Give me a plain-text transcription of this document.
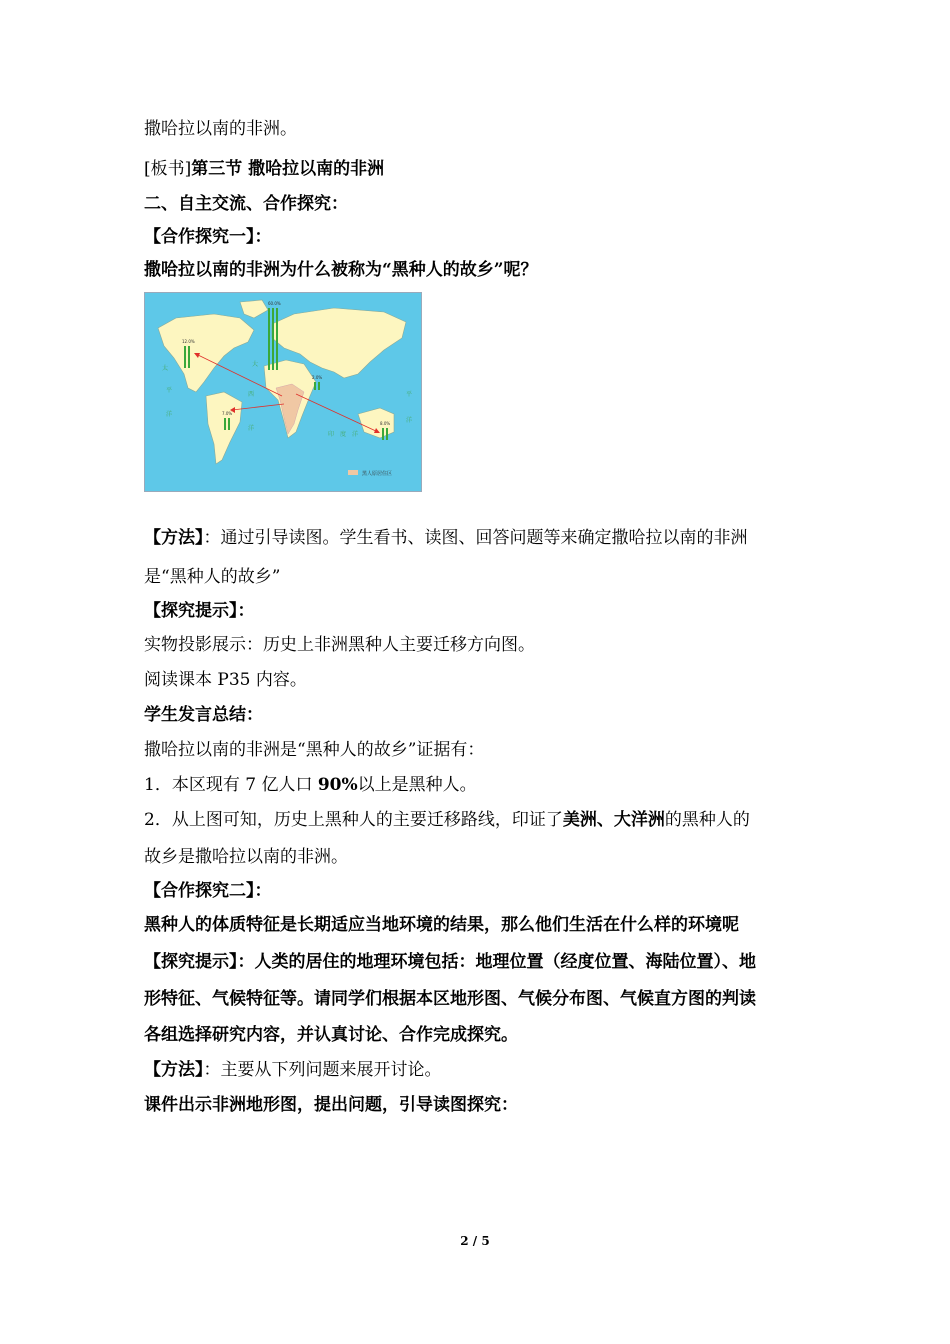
撒哈拉以南的非洲。
[板书]第三节 撒哈拉以南的非洲
二、自主交流、合作探究：
【合作探究一】：
撒哈拉以南的非洲为什么被称为“黑种人的故乡”呢？
60.0%
12.0%
7.0%
2.0%
8.0%
太
平
洋
大
西
洋
印 度 洋
平
洋
黑人原居住区
【方法】：通过引导读图。学生看书、读图、回答问题等来确定撒哈拉以南的非洲
是“黑种人的故乡”
【探究提示】：
实物投影展示：历史上非洲黑种人主要迁移方向图。
阅读课本 P35 内容。
学生发言总结：
撒哈拉以南的非洲是“黑种人的故乡”证据有：
1．本区现有 7 亿人口 90%以上是黑种人。
2．从上图可知，历史上黑种人的主要迁移路线，印证了美洲、大洋洲的黑种人的
故乡是撒哈拉以南的非洲。
【合作探究二】：
黑种人的体质特征是长期适应当地环境的结果，那么他们生活在什么样的环境呢
【探究提示】：人类的居住的地理环境包括：地理位置（经度位置、海陆位置）、地
形特征、气候特征等。请同学们根据本区地形图、气候分布图、气候直方图的判读
各组选择研究内容，并认真讨论、合作完成探究。
【方法】：主要从下列问题来展开讨论。
课件出示非洲地形图，提出问题，引导读图探究：
2 / 5
